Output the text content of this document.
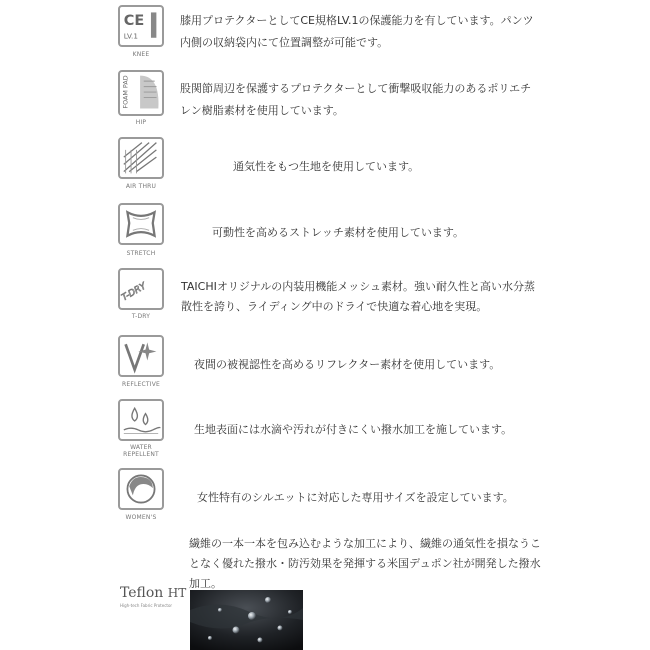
CE
LV.1
KNEE
膝用プロテクターとしてCE規格LV.1の保護能力を有しています。パンツ
内側の収納袋内にて位置調整が可能です。
FOAM PAD
HIP
股関節周辺を保護するプロテクターとして衝撃吸収能力のあるポリエチ
レン樹脂素材を使用しています。
AIR THRU
通気性をもつ生地を使用しています。
STRETCH
可動性を高めるストレッチ素材を使用しています。
T-DRY
T-DRY
TAICHIオリジナルの内装用機能メッシュ素材。強い耐久性と高い水分蒸
散性を誇り、ライディング中のドライで快適な着心地を実現。
REFLECTIVE
夜間の被視認性を高めるリフレクター素材を使用しています。
WATER
REPELLENT
生地表面には水滴や汚れが付きにくい撥水加工を施しています。
WOMEN'S
女性特有のシルエットに対応した専用サイズを設定しています。
繊維の一本一本を包み込むような加工により、繊維の通気性を損なうこ
となく優れた撥水・防汚効果を発揮する米国デュポン社が開発した撥水
加工。
Teflon HT
High-tech Fabric Protector
